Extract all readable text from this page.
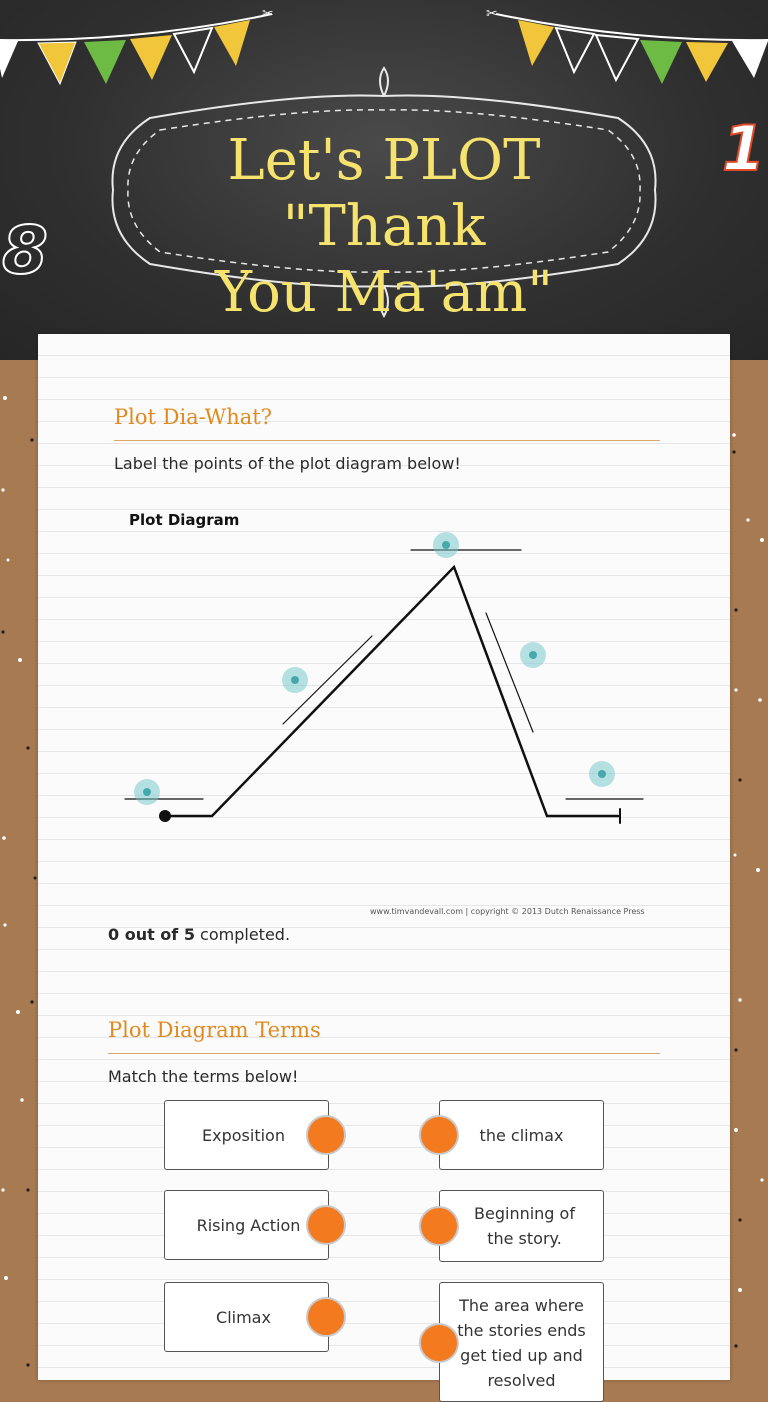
✂	✂
Let's PLOT "Thank
You Ma'am"
8
1
Plot Dia-What?
Label the points of the plot diagram below!
Plot Diagram
www.timvandevall.com | copyright © 2013 Dutch Renaissance Press
0 out of 5 completed.
Plot Diagram Terms
Match the terms below!
Exposition
Rising Action
Climax
the climax
Beginning of the story.
The area where the stories ends get tied up and resolved
